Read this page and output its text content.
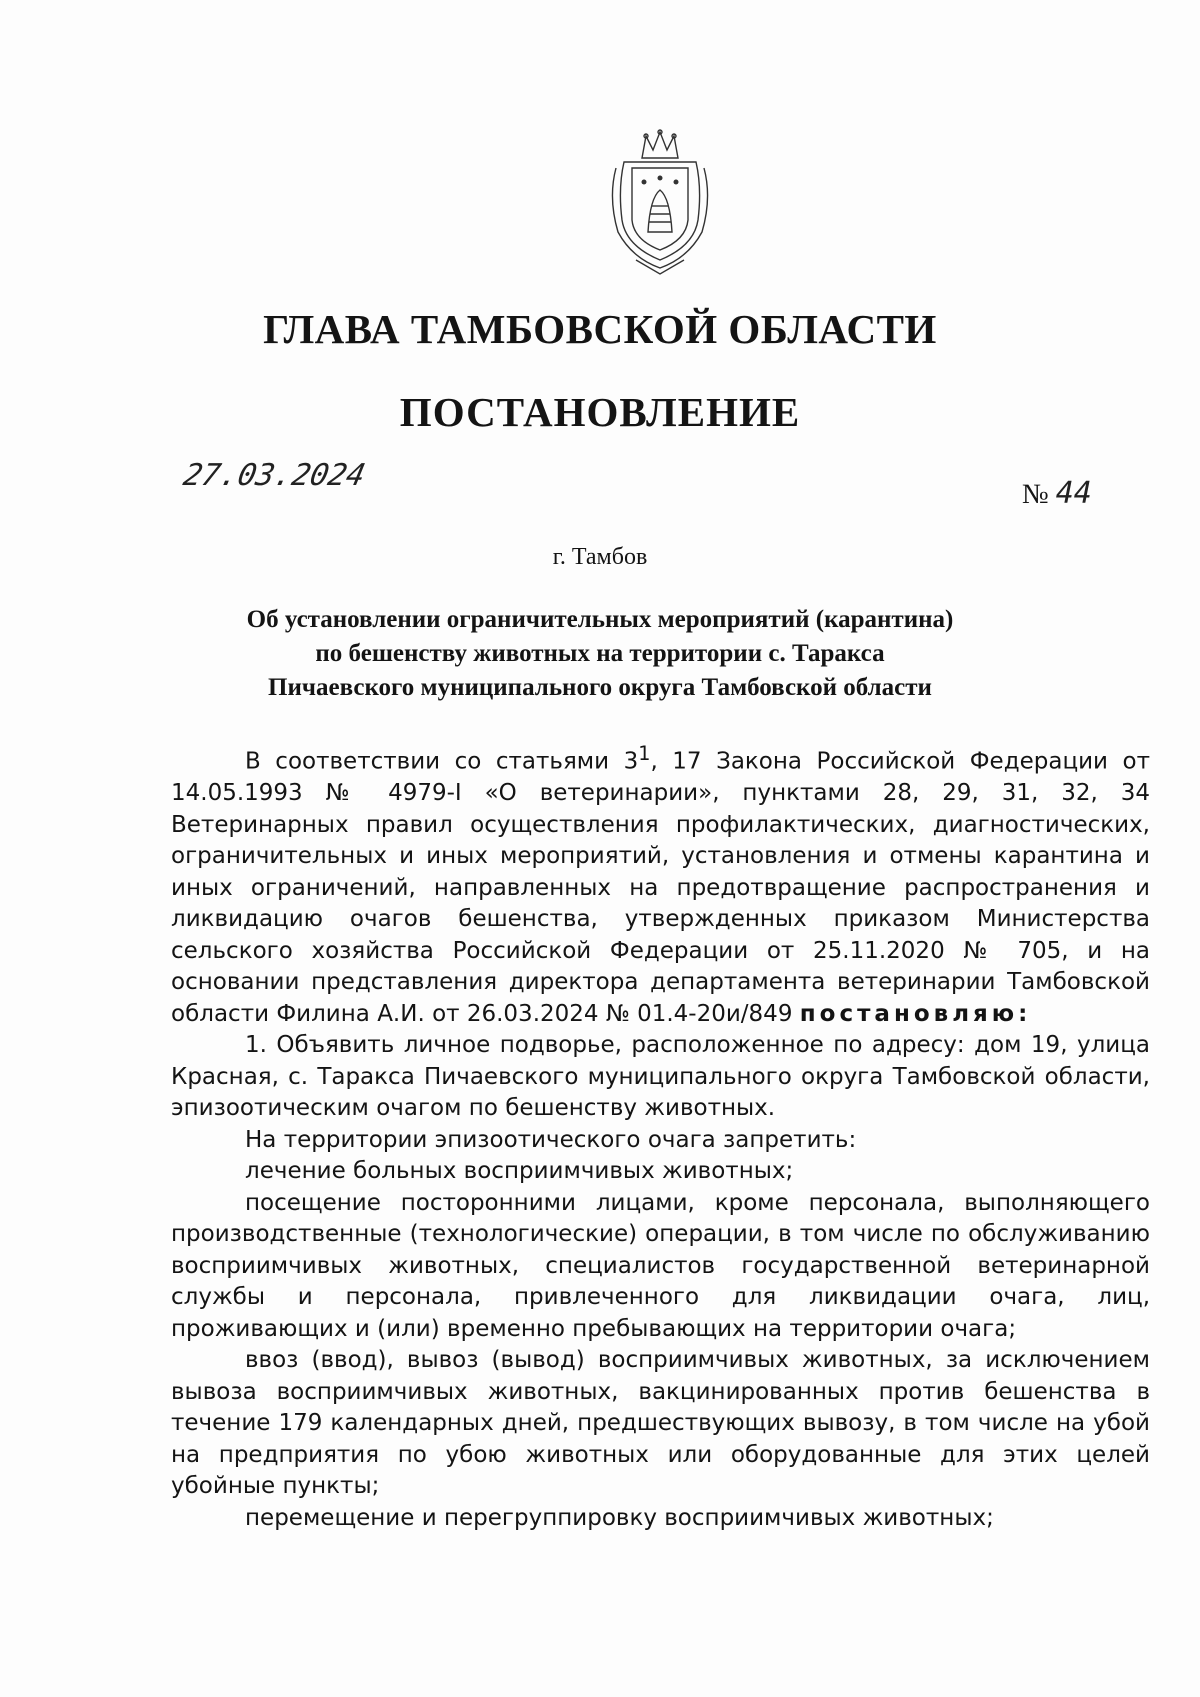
ГЛАВА ТАМБОВСКОЙ ОБЛАСТИ
ПОСТАНОВЛЕНИЕ
27.03.2024
№ 44
г. Тамбов
Об установлении ограничительных мероприятий (карантина)
по бешенству животных на территории с. Таракса
Пичаевского муниципального округа Тамбовской области

В соответствии со статьями $3^1$, 17 Закона Российской Федерации от 14.05.1993 № 4979-I «О ветеринарии», пунктами 28, 29, 31, 32, 34 Ветеринарных правил осуществления профилактических, диагностических, ограничительных и иных мероприятий, установления и отмены карантина и иных ограничений, направленных на предотвращение распространения и ликвидацию очагов бешенства, утвержденных приказом Министерства сельского хозяйства Российской Федерации от 25.11.2020 № 705, и на основании представления директора департамента ветеринарии Тамбовской области Филина А.И. от 26.03.2024 № 01.4-20и/849 постановляю:

1. Объявить личное подворье, расположенное по адресу: дом 19, улица Красная, с. Таракса Пичаевского муниципального округа Тамбовской области, эпизоотическим очагом по бешенству животных.

На территории эпизоотического очага запретить:

лечение больных восприимчивых животных;

посещение посторонними лицами, кроме персонала, выполняющего производственные (технологические) операции, в том числе по обслуживанию восприимчивых животных, специалистов государственной ветеринарной службы и персонала, привлеченного для ликвидации очага, лиц, проживающих и (или) временно пребывающих на территории очага;

ввоз (ввод), вывоз (вывод) восприимчивых животных, за исключением вывоза восприимчивых животных, вакцинированных против бешенства в течение 179 календарных дней, предшествующих вывозу, в том числе на убой на предприятия по убою животных или оборудованные для этих целей убойные пункты;

перемещение и перегруппировку восприимчивых животных;
